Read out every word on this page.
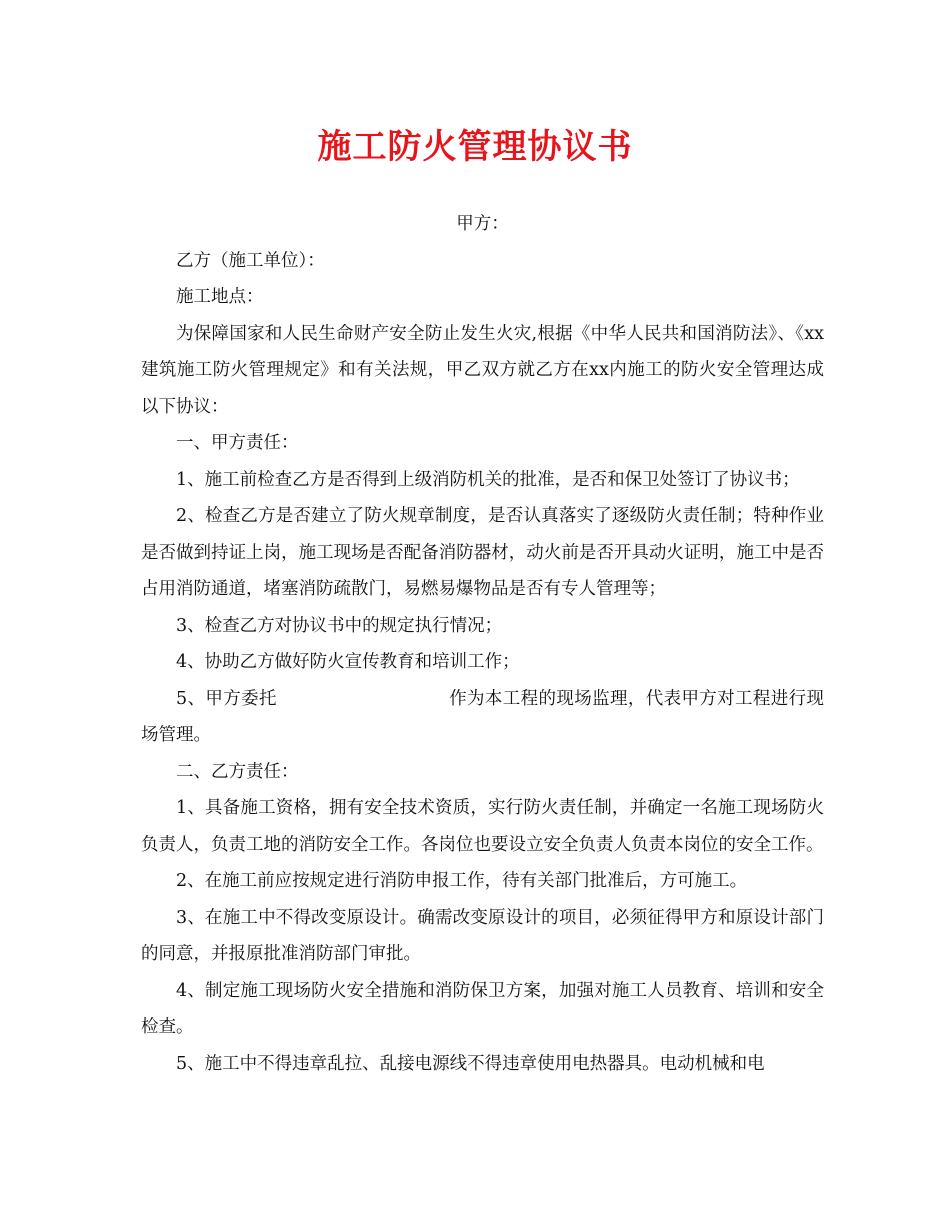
施工防火管理协议书

甲方：

乙方（施工单位）：

施工地点：

为保障国家和人民生命财产安全防止发生火灾,根据《中华人民共和国消防法》、《xx建筑施工防火管理规定》和有关法规，甲乙双方就乙方在xx内施工的防火安全管理达成以下协议：

一、甲方责任：

1、施工前检查乙方是否得到上级消防机关的批准，是否和保卫处签订了协议书；

2、检查乙方是否建立了防火规章制度，是否认真落实了逐级防火责任制；特种作业是否做到持证上岗，施工现场是否配备消防器材，动火前是否开具动火证明，施工中是否占用消防通道，堵塞消防疏散门，易燃易爆物品是否有专人管理等；

3、检查乙方对协议书中的规定执行情况；

4、协助乙方做好防火宣传教育和培训工作；

5、甲方委托	作为本工程的现场监理，代表甲方对工程进行现场管理。

二、乙方责任：

1、具备施工资格，拥有安全技术资质，实行防火责任制，并确定一名施工现场防火负责人，负责工地的消防安全工作。各岗位也要设立安全负责人负责本岗位的安全工作。

2、在施工前应按规定进行消防申报工作，待有关部门批准后，方可施工。

3、在施工中不得改变原设计。确需改变原设计的项目，必须征得甲方和原设计部门的同意，并报原批准消防部门审批。

4、制定施工现场防火安全措施和消防保卫方案，加强对施工人员教育、培训和安全检查。

5、施工中不得违章乱拉、乱接电源线不得违章使用电热器具。电动机械和电
